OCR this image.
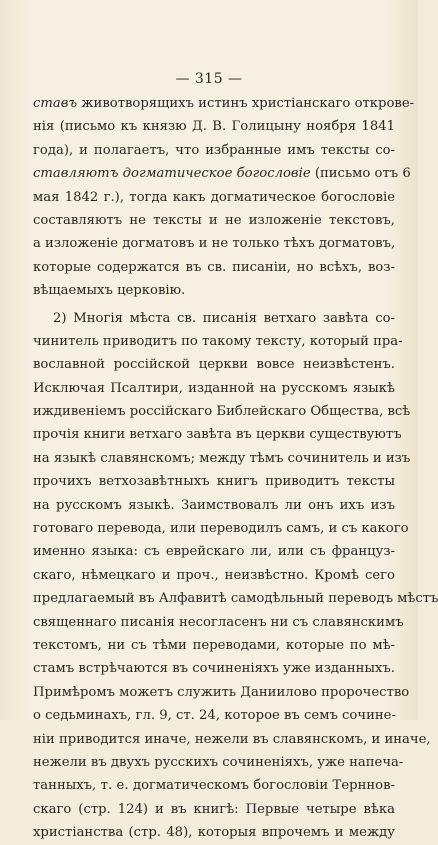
— 315 —
ставъ животворящихъ истинъ христіанскаго открове-
нія (письмо къ князю Д. В. Голицыну ноября 1841
года), и полагаетъ, что избранные имъ тексты со-
ставляютъ догматическое богословіе (письмо отъ 6
мая 1842 г.), тогда какъ догматическое богословіе
составляютъ не тексты и не изложеніе текстовъ,
а изложеніе догматовъ и не только тѣхъ догматовъ,
которые содержатся въ св. писаніи, но всѣхъ, воз-
вѣщаемыхъ церковію.
2) Многія мѣста св. писанія ветхаго завѣта со-
чинитель приводитъ по такому тексту, который пра-
вославной россійской церкви вовсе неизвѣстенъ.
Исключая Псалтири, изданной на русскомъ языкѣ
иждивеніемъ россійскаго Библейскаго Общества, всѣ
прочія книги ветхаго завѣта въ церкви существуютъ
на языкѣ славянскомъ; между тѣмъ сочинитель и изъ
прочихъ ветхозавѣтныхъ книгъ приводитъ тексты
на русскомъ языкѣ. Заимствовалъ ли онъ ихъ изъ
готоваго перевода, или переводилъ самъ, и съ какого
именно языка: съ еврейскаго ли, или съ француз-
скаго, нѣмецкаго и проч., неизвѣстно. Кромѣ сего
предлагаемый въ Алфавитѣ самодѣльный переводъ мѣстъ
священнаго писанія несогласенъ ни съ славянскимъ
текстомъ, ни съ тѣми переводами, которые по мѣ-
стамъ встрѣчаются въ сочиненіяхъ уже изданныхъ.
Примѣромъ можетъ служить Даниилово пророчество
о седьминахъ, гл. 9, ст. 24, которое въ семъ сочине-
ніи приводится иначе, нежели въ славянскомъ, и иначе,
нежели въ двухъ русскихъ сочиненіяхъ, уже напеча-
танныхъ, т. е. догматическомъ богословіи Терннов-
скаго (стр. 124) и въ книгѣ: Первые четыре вѣка
христіанства (стр. 48), которыя впрочемъ и между
